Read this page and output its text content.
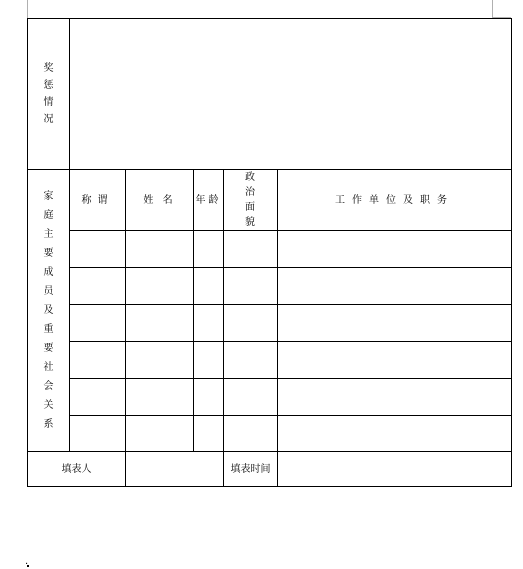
奖惩情况					

家庭主要成员及重要社会关系	称谓	姓 名	年龄	政治面貌	工作单位及职务

填表人				填表时间	
.
